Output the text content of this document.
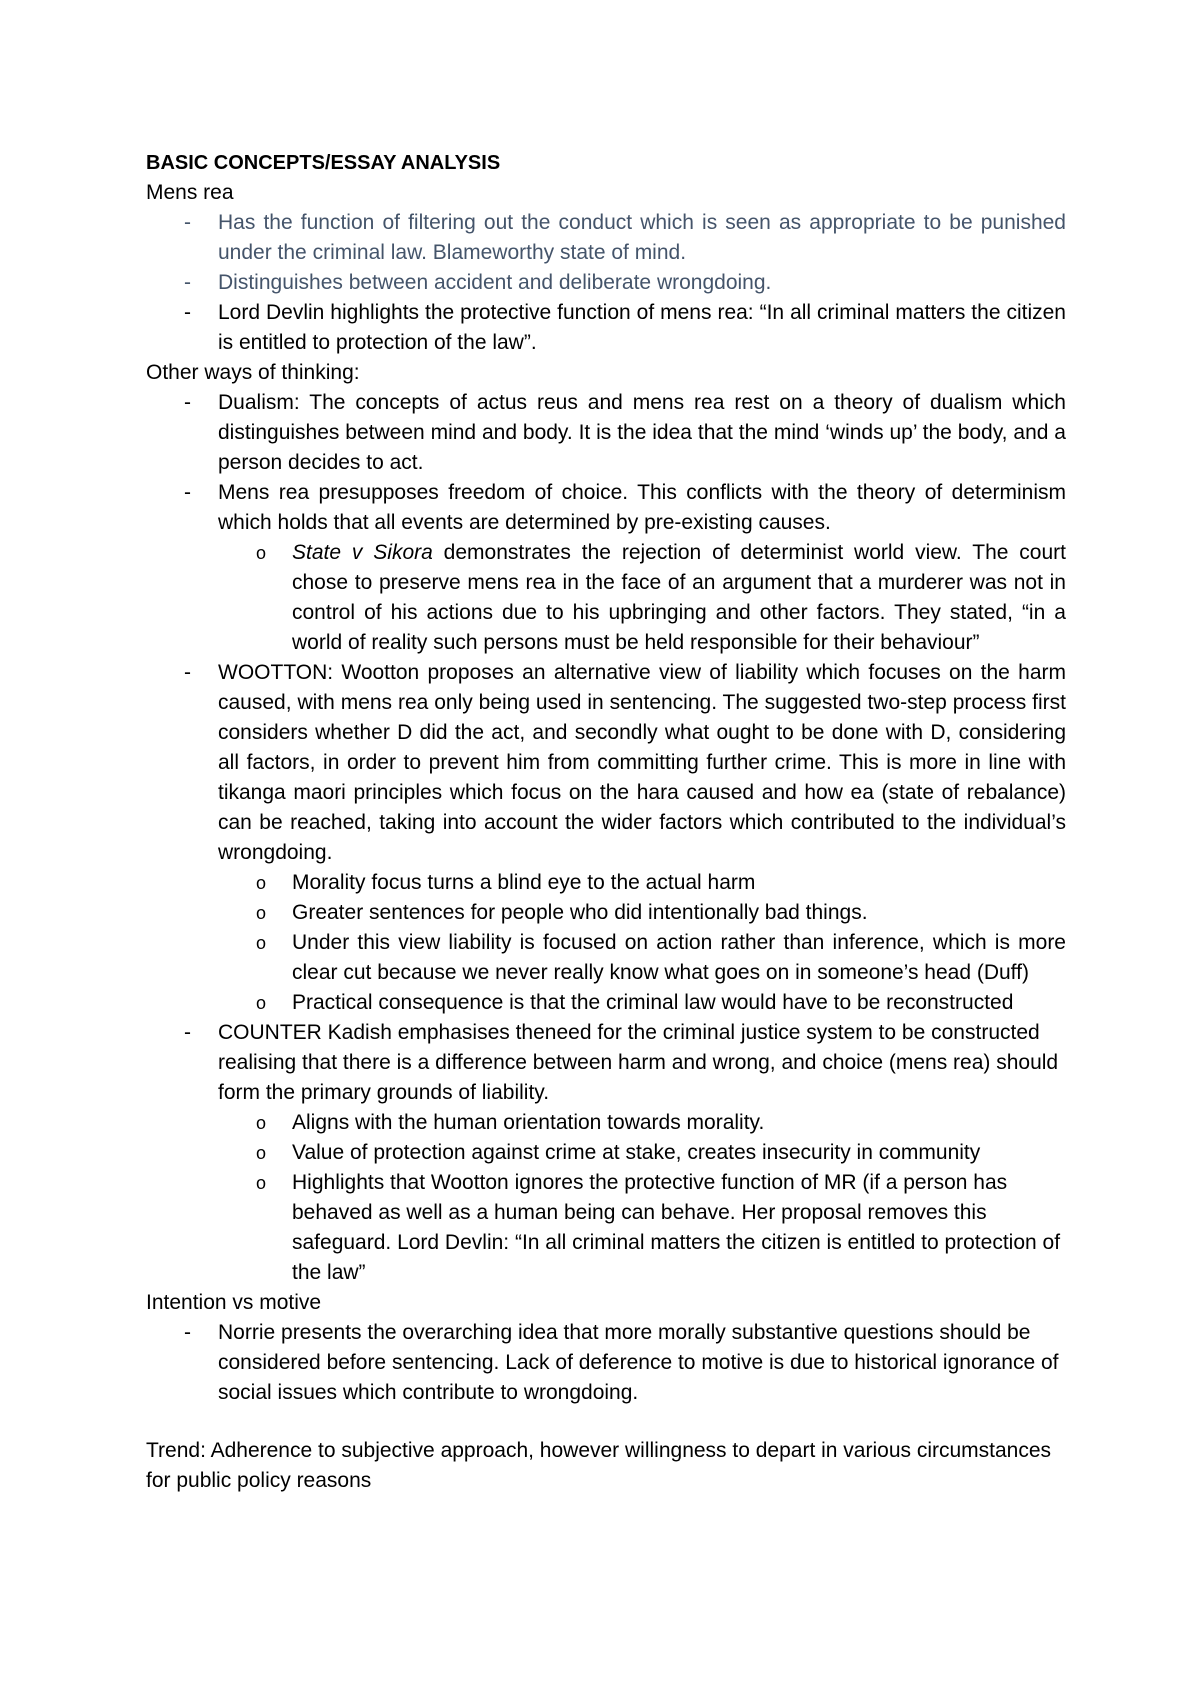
BASIC CONCEPTS/ESSAY ANALYSIS
Mens rea
- Has the function of filtering out the conduct which is seen as appropriate to be punished under the criminal law. Blameworthy state of mind.
- Distinguishes between accident and deliberate wrongdoing.
- Lord Devlin highlights the protective function of mens rea: “In all criminal matters the citizen is entitled to protection of the law”.
Other ways of thinking:
- Dualism: The concepts of actus reus and mens rea rest on a theory of dualism which distinguishes between mind and body. It is the idea that the mind ‘winds up’ the body, and a person decides to act.
- Mens rea presupposes freedom of choice. This conflicts with the theory of determinism which holds that all events are determined by pre-existing causes.
o State v Sikora demonstrates the rejection of determinist world view. The court chose to preserve mens rea in the face of an argument that a murderer was not in control of his actions due to his upbringing and other factors. They stated, “in a world of reality such persons must be held responsible for their behaviour”
- WOOTTON: Wootton proposes an alternative view of liability which focuses on the harm caused, with mens rea only being used in sentencing. The suggested two-step process first considers whether D did the act, and secondly what ought to be done with D, considering all factors, in order to prevent him from committing further crime. This is more in line with tikanga maori principles which focus on the hara caused and how ea (state of rebalance) can be reached, taking into account the wider factors which contributed to the individual’s wrongdoing.
o Morality focus turns a blind eye to the actual harm
o Greater sentences for people who did intentionally bad things.
o Under this view liability is focused on action rather than inference, which is more clear cut because we never really know what goes on in someone’s head (Duff)
o Practical consequence is that the criminal law would have to be reconstructed
- COUNTER Kadish emphasises theneed for the criminal justice system to be constructed realising that there is a difference between harm and wrong, and choice (mens rea) should form the primary grounds of liability.
o Aligns with the human orientation towards morality.
o Value of protection against crime at stake, creates insecurity in community
o Highlights that Wootton ignores the protective function of MR (if a person has behaved as well as a human being can behave. Her proposal removes this safeguard. Lord Devlin: “In all criminal matters the citizen is entitled to protection of the law”
Intention vs motive
- Norrie presents the overarching idea that more morally substantive questions should be considered before sentencing. Lack of deference to motive is due to historical ignorance of social issues which contribute to wrongdoing.
Trend: Adherence to subjective approach, however willingness to depart in various circumstances for public policy reasons
